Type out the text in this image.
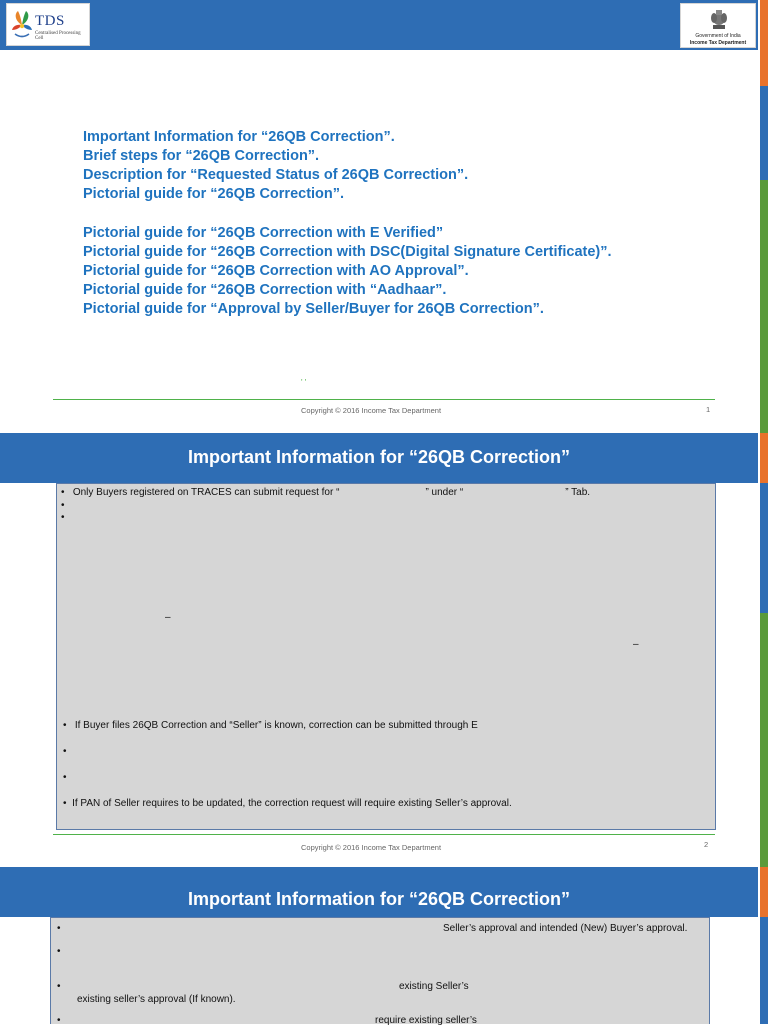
TDS
Centralised Processing Cell	Government of India
Income Tax Department
Important Information for “26QB Correction”.
Brief steps for “26QB Correction”.
Description for “Requested Status of 26QB Correction”.
Pictorial guide for “26QB Correction”.
Pictorial guide for “26QB Correction with E Verified”
Pictorial guide for “26QB Correction with DSC(Digital Signature Certificate)”.
Pictorial guide for “26QB Correction with AO Approval”.
Pictorial guide for “26QB Correction with “Aadhaar”.
Pictorial guide for “Approval by Seller/Buyer for 26QB Correction”.
' '
Copyright © 2016 Income Tax Department	1
Important Information for “26QB Correction”
•   Only Buyers registered on TRACES can submit request for “	” under “	” Tab.
•
•
–
–
•   If Buyer files 26QB Correction and “Seller” is known, correction can be submitted through E
•
•
•  If PAN of Seller requires to be updated, the correction request will require existing Seller’s approval.
Copyright © 2016 Income Tax Department	2
Important Information for “26QB Correction”
•	Seller’s approval and intended (New) Buyer’s approval.
•
•	existing Seller’s
existing seller’s approval (If known).
•	require existing seller’s
